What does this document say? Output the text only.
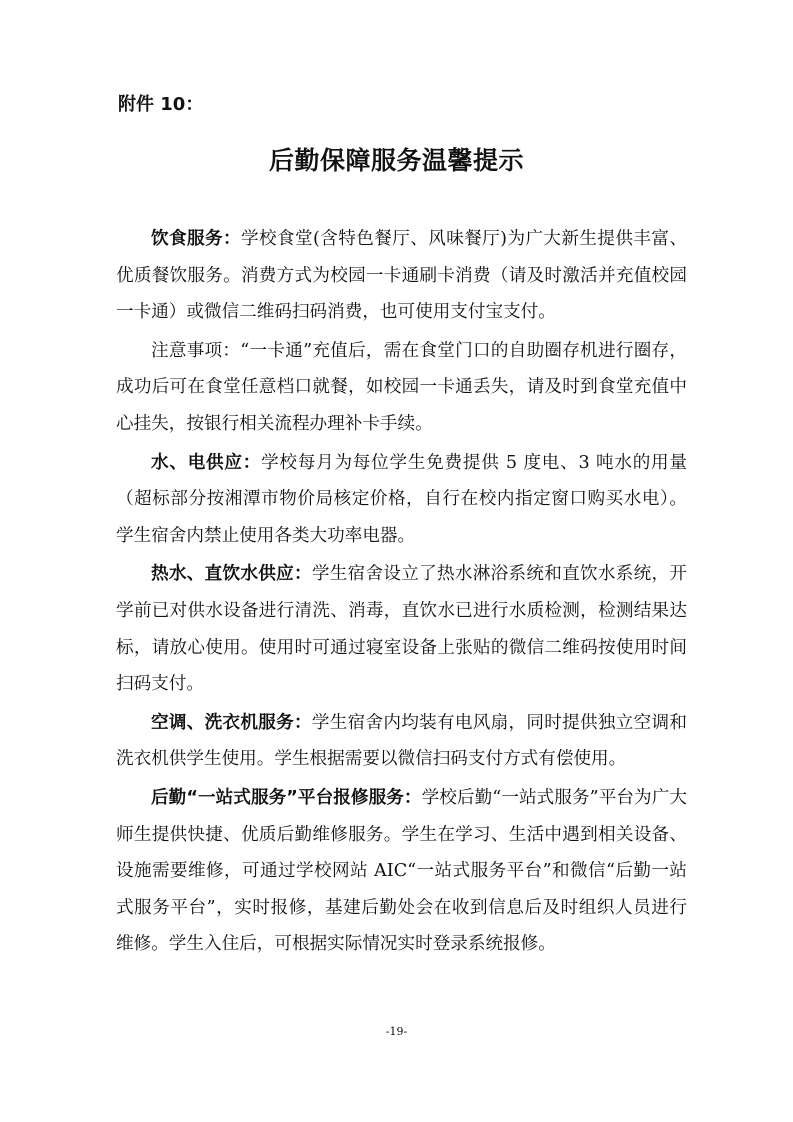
附件 10：
后勤保障服务温馨提示

饮食服务：学校食堂(含特色餐厅、风味餐厅)为广大新生提供丰富、优质餐饮服务。消费方式为校园一卡通刷卡消费（请及时激活并充值校园一卡通）或微信二维码扫码消费，也可使用支付宝支付。

注意事项：“一卡通”充值后，需在食堂门口的自助圈存机进行圈存，成功后可在食堂任意档口就餐，如校园一卡通丢失，请及时到食堂充值中心挂失，按银行相关流程办理补卡手续。

水、电供应：学校每月为每位学生免费提供 5 度电、3 吨水的用量（超标部分按湘潭市物价局核定价格，自行在校内指定窗口购买水电）。学生宿舍内禁止使用各类大功率电器。

热水、直饮水供应：学生宿舍设立了热水淋浴系统和直饮水系统，开学前已对供水设备进行清洗、消毒，直饮水已进行水质检测，检测结果达标，请放心使用。使用时可通过寝室设备上张贴的微信二维码按使用时间扫码支付。

空调、洗衣机服务：学生宿舍内均装有电风扇，同时提供独立空调和洗衣机供学生使用。学生根据需要以微信扫码支付方式有偿使用。

后勤“一站式服务”平台报修服务：学校后勤“一站式服务”平台为广大师生提供快捷、优质后勤维修服务。学生在学习、生活中遇到相关设备、设施需要维修，可通过学校网站 AIC“一站式服务平台”和微信“后勤一站式服务平台”，实时报修，基建后勤处会在收到信息后及时组织人员进行维修。学生入住后，可根据实际情况实时登录系统报修。

-19-
